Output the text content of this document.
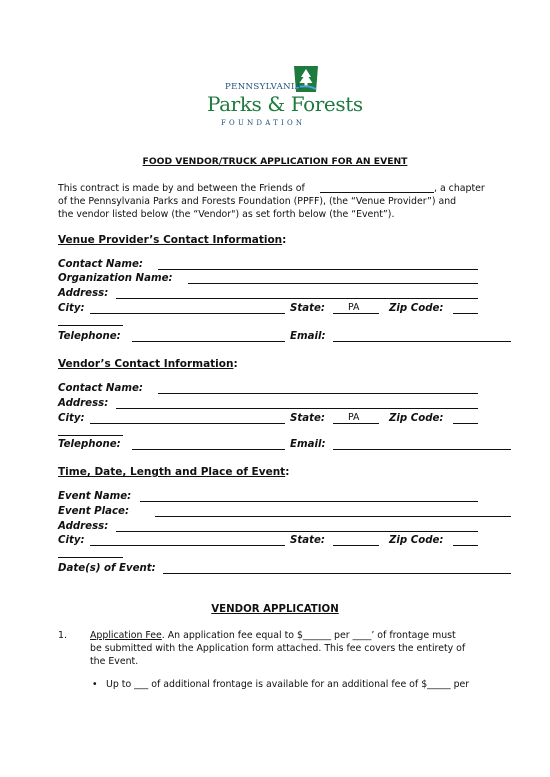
PENNSYLVANIA
Parks & Forests
FOUNDATION
FOOD VENDOR/TRUCK APPLICATION FOR AN EVENT
This contract is made by and between the Friends of	, a chapter
of the Pennsylvania Parks and Forests Foundation (PPFF), (the “Venue Provider”) and
the vendor listed below (the “Vendor") as set forth below (the “Event”).
Venue Provider’s Contact Information:
Contact Name:
Organization Name:
Address:
City:	State: PA	Zip Code:
Telephone:	Email:
Vendor’s Contact Information:
Contact Name:
Address:
City:	State: PA	Zip Code:
Telephone:	Email:
Time, Date, Length and Place of Event:
Event Name:
Event Place:
Address:
City:	State:	Zip Code:
Date(s) of Event:
VENDOR APPLICATION
1. Application Fee. An application fee equal to $______ per ____’ of frontage must
be submitted with the Application form attached. This fee covers the entirety of
the Event.
• Up to ___ of additional frontage is available for an additional fee of $_____ per
